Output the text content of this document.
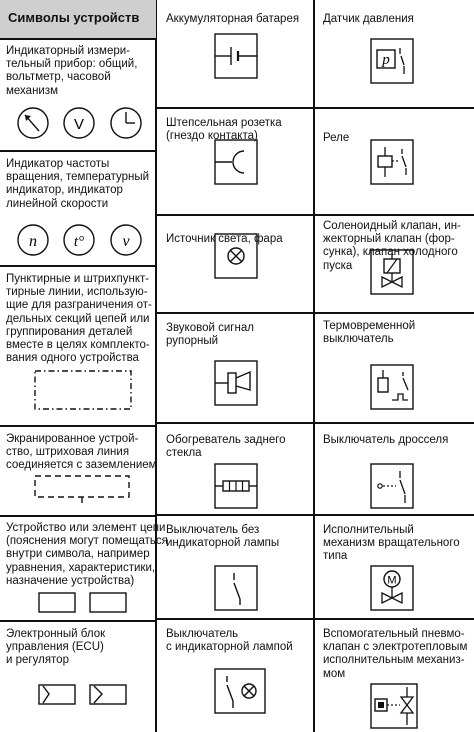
Символы устройств
Индикаторный измери-
тельный прибор: общий,
вольтметр, часовой
механизм
V
Индикатор частоты
вращения, температурный
индикатор, индикатор
линейной скорости
n t° v
Пунктирные и штрихпункт-
тирные линии, использую-
щие для разграничения от-
дельных секций цепей или
группирования деталей
вместе в целях комплекто-
вания одного устройства
Экранированное устрой-
ство, штриховая линия
соединяется с заземлением
Устройство или элемент цепи
(пояснения могут помещаться
внутри символа, например
уравнения, характеристики,
назначение устройства)
Электронный блок
управления (ECU)
и регулятор
Аккумуляторная батарея
Штепсельная розетка
(гнездо контакта)
Источник света, фара
Звуковой сигнал
рупорный
Обогреватель заднего
стекла
Выключатель без
индикаторной лампы
Выключатель
с индикаторной лампой
Датчик давления
p
Реле
Соленоидный клапан, ин-
жекторный клапан (фор-
сунка), клапан холодного
пуска
Термовременной
выключатель
Выключатель дросселя
Исполнительный
механизм вращательного
типа
M
Вспомогательный пневмо-
клапан с электротепловым
исполнительным механиз-
мом
